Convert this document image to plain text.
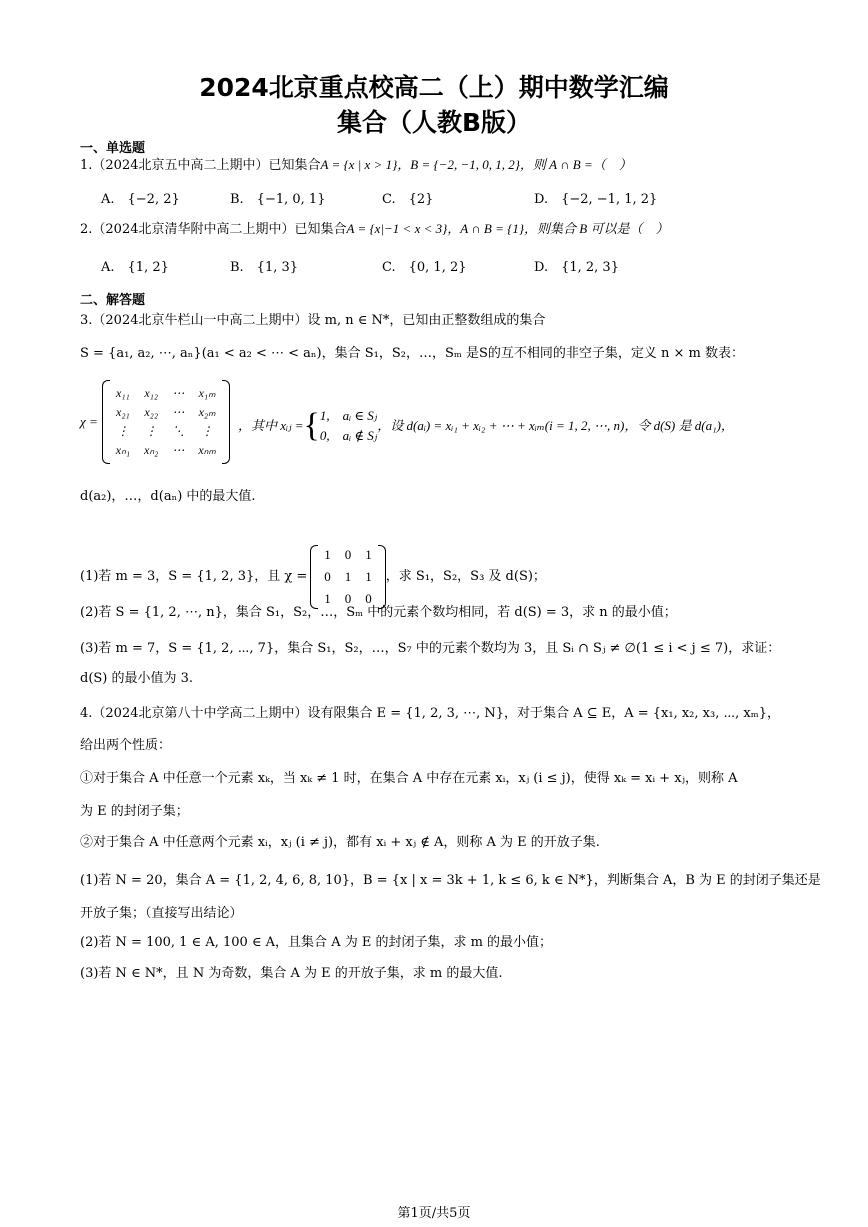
2024北京重点校高二（上）期中数学汇编
集合（人教B版）
一、单选题
1.（2024北京五中高二上期中）已知集合A = {x | x > 1}，B = {−2, −1, 0, 1, 2}，则 A ∩ B =（　）
A.　{−2, 2}	B.　{−1, 0, 1}	C.　{2}	D.　{−2, −1, 1, 2}
2.（2024北京清华附中高二上期中）已知集合A = {x|−1 < x < 3}，A ∩ B = {1}，则集合 B 可以是（　）
A.　{1, 2}	B.　{1, 3}	C.　{0, 1, 2}	D.　{1, 2, 3}
二、解答题
3.（2024北京牛栏山一中高二上期中）设 m, n ∈ N*，已知由正整数组成的集合
S = {a₁, a₂, ⋯, aₙ}(a₁ < a₂ < ⋯ < aₙ)，集合 S₁，S₂，…，Sₘ 是S的互不相同的非空子集，定义 n × m 数表：
χ =
x₁₁ x₁₂ ⋯ x₁ₘ
x₂₁ x₂₂ ⋯ x₂ₘ
⋮ ⋮ ⋱ ⋮
xₙ₁ xₙ₂ ⋯ xₙₘ
，其中 xᵢⱼ = { 1,　aᵢ ∈ Sⱼ
0,　aᵢ ∉ Sⱼ
，设 d(aᵢ) = xᵢ₁ + xᵢ₂ + ⋯ + xᵢₘ(i = 1, 2, ⋯, n)，令 d(S) 是 d(a₁)，
d(a₂)，…，d(aₙ) 中的最大值.
(1)若 m = 3，S = {1, 2, 3}，且 χ =
1 0 1
0 1 1
1 0 0
，求 S₁，S₂，S₃ 及 d(S)；
(2)若 S = {1, 2, ⋯, n}，集合 S₁，S₂，…，Sₘ 中的元素个数均相同，若 d(S) = 3，求 n 的最小值；
(3)若 m = 7，S = {1, 2, ⋯, 7}，集合 S₁，S₂，…，S₇ 中的元素个数均为 3，且 Sᵢ ∩ Sⱼ ≠ ∅(1 ≤ i < j ≤ 7)，求证：
d(S) 的最小值为 3.
4.（2024北京第八十中学高二上期中）设有限集合 E = {1, 2, 3, ⋯, N}，对于集合 A ⊆ E，A = {x₁, x₂, x₃, ⋯, xₘ}，
给出两个性质：
①对于集合 A 中任意一个元素 xₖ，当 xₖ ≠ 1 时，在集合 A 中存在元素 xᵢ，xⱼ (i ≤ j)，使得 xₖ = xᵢ + xⱼ，则称 A
为 E 的封闭子集；
②对于集合 A 中任意两个元素 xᵢ，xⱼ (i ≠ j)，都有 xᵢ + xⱼ ∉ A，则称 A 为 E 的开放子集.
(1)若 N = 20，集合 A = {1, 2, 4, 6, 8, 10}，B = {x | x = 3k + 1, k ≤ 6, k ∈ N*}，判断集合 A，B 为 E 的封闭子集还是
开放子集；（直接写出结论）
(2)若 N = 100, 1 ∈ A, 100 ∈ A，且集合 A 为 E 的封闭子集，求 m 的最小值；
(3)若 N ∈ N*，且 N 为奇数，集合 A 为 E 的开放子集，求 m 的最大值.
第1页/共5页
